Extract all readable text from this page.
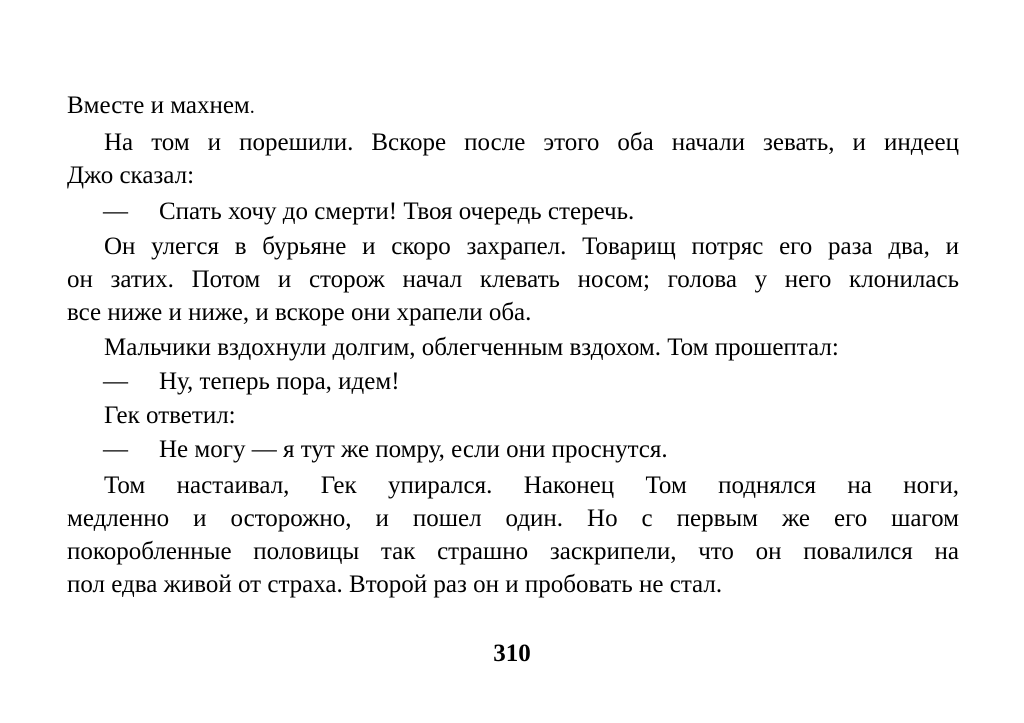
Вместе и махнем.
На том и порешили. Вскоре после этого оба начали зевать, и индеец
Джо сказал:
— Спать хочу до смерти! Твоя очередь стеречь.
Он улегся в бурьяне и скоро захрапел. Товарищ потряс его раза два, и
он затих. Потом и сторож начал клевать носом; голова у него клонилась
все ниже и ниже, и вскоре они храпели оба.
Мальчики вздохнули долгим, облегченным вздохом. Том прошептал:
— Ну, теперь пора, идем!
Гек ответил:
— Не могу — я тут же помру, если они проснутся.
Том настаивал, Гек упирался. Наконец Том поднялся на ноги,
медленно и осторожно, и пошел один. Но с первым же его шагом
покоробленные половицы так страшно заскрипели, что он повалился на
пол едва живой от страха. Второй раз он и пробовать не стал.
310
